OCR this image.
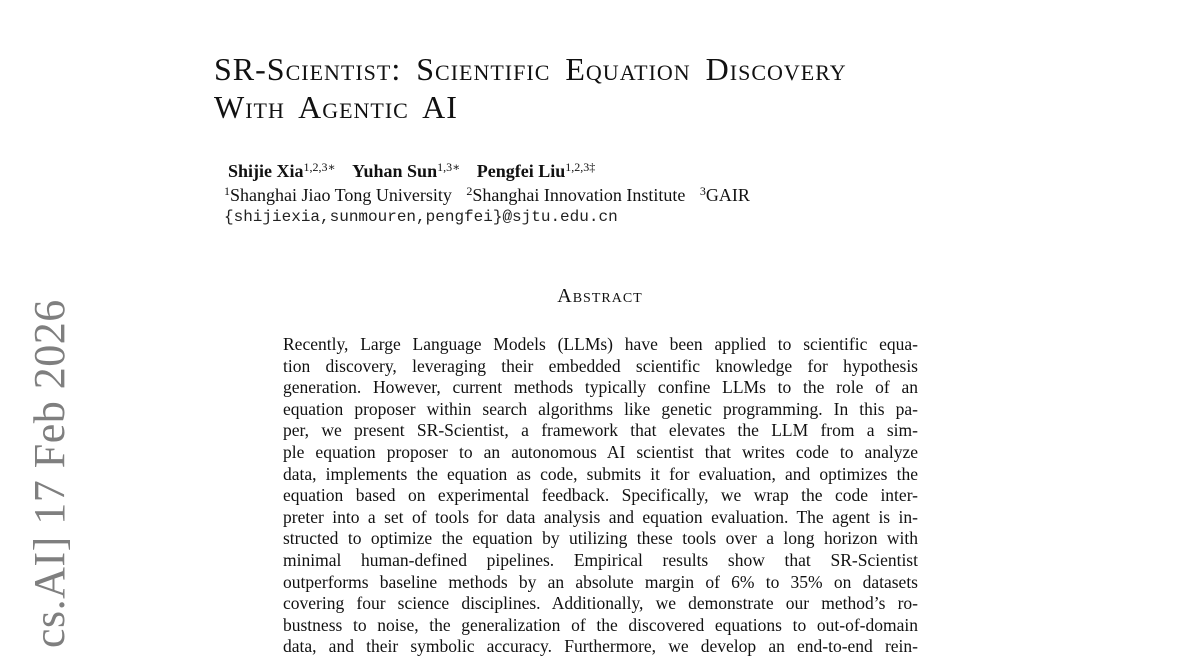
cs.AI] 17 Feb 2026
SR-Scientist: Scientific Equation Discovery
With Agentic AI
Shijie Xia$^{1,2,3∗}$ Yuhan Sun$^{1,3∗}$ Pengfei Liu$^{1,2,3\ddagger}$
$^1$Shanghai Jiao Tong University $^2$Shanghai Innovation Institute $^3$GAIR
{shijiexia,sunmouren,pengfei}@sjtu.edu.cn
Abstract
Recently, Large Language Models (LLMs) have been applied to scientific equa-
tion discovery, leveraging their embedded scientific knowledge for hypothesis
generation. However, current methods typically confine LLMs to the role of an
equation proposer within search algorithms like genetic programming. In this pa-
per, we present SR-Scientist, a framework that elevates the LLM from a sim-
ple equation proposer to an autonomous AI scientist that writes code to analyze
data, implements the equation as code, submits it for evaluation, and optimizes the
equation based on experimental feedback. Specifically, we wrap the code inter-
preter into a set of tools for data analysis and equation evaluation. The agent is in-
structed to optimize the equation by utilizing these tools over a long horizon with
minimal human-defined pipelines. Empirical results show that SR-Scientist
outperforms baseline methods by an absolute margin of 6% to 35% on datasets
covering four science disciplines. Additionally, we demonstrate our method’s ro-
bustness to noise, the generalization of the discovered equations to out-of-domain
data, and their symbolic accuracy. Furthermore, we develop an end-to-end rein-
